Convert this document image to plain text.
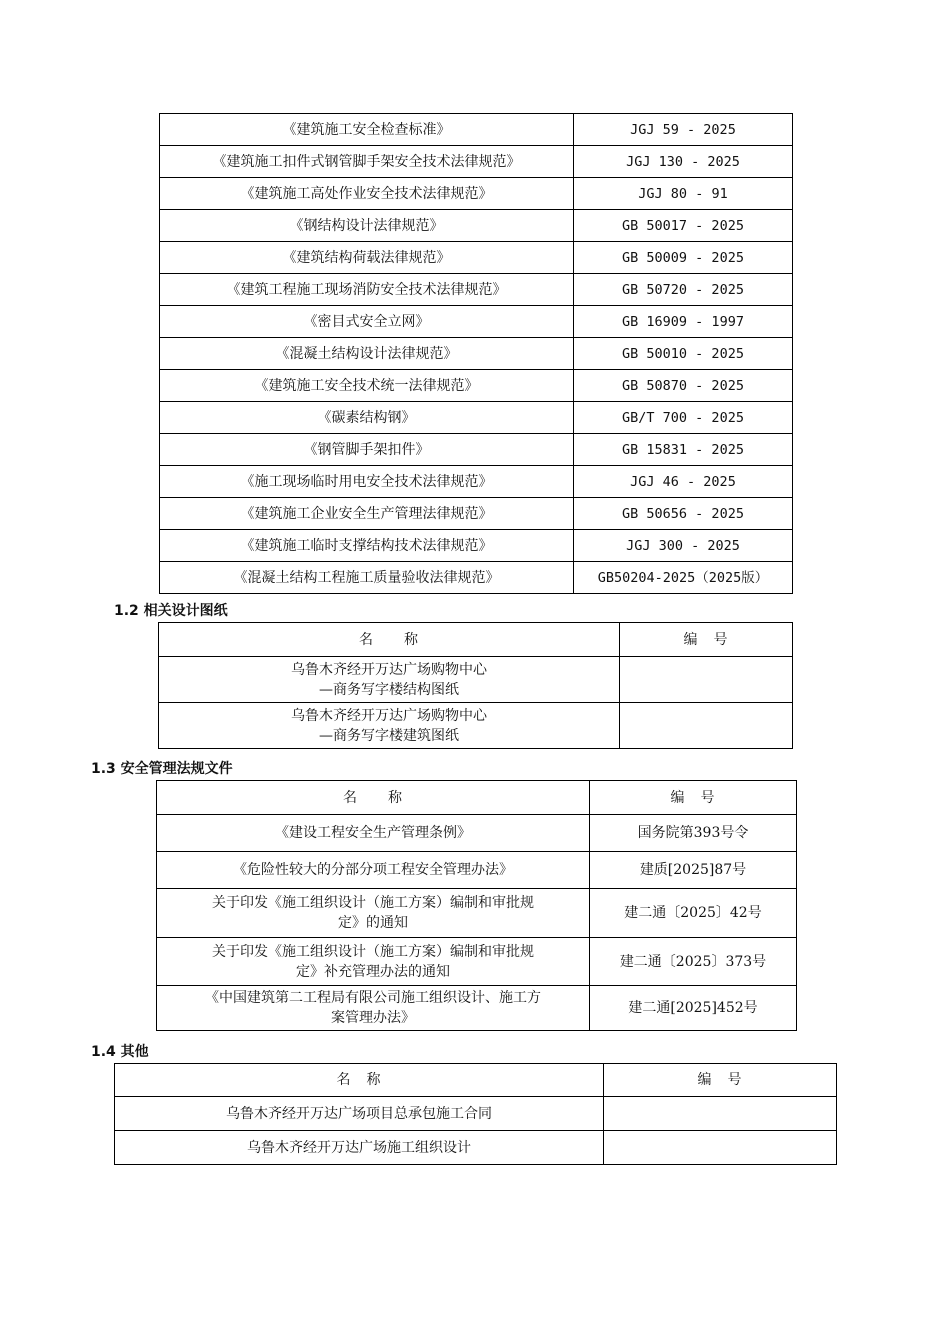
《建筑施工安全检查标准》	JGJ 59 - 2025
《建筑施工扣件式钢管脚手架安全技术法律规范》	JGJ 130 - 2025
《建筑施工高处作业安全技术法律规范》	JGJ 80 - 91
《钢结构设计法律规范》	GB 50017 - 2025
《建筑结构荷载法律规范》	GB 50009 - 2025
《建筑工程施工现场消防安全技术法律规范》	GB 50720 - 2025
《密目式安全立网》	GB 16909 - 1997
《混凝土结构设计法律规范》	GB 50010 - 2025
《建筑施工安全技术统一法律规范》	GB 50870 - 2025
《碳素结构钢》	GB/T 700 - 2025
《钢管脚手架扣件》	GB 15831 - 2025
《施工现场临时用电安全技术法律规范》	JGJ 46 - 2025
《建筑施工企业安全生产管理法律规范》	GB 50656 - 2025
《建筑施工临时支撑结构技术法律规范》	JGJ 300 - 2025
《混凝土结构工程施工质量验收法律规范》	GB50204-2025（2025版）
1.2 相关设计图纸
名　　称	编　号

乌鲁木齐经开万达广场购物中心
—商务写字楼结构图纸	

乌鲁木齐经开万达广场购物中心
—商务写字楼建筑图纸	

1.3 安全管理法规文件
名　　称	编　号

《建设工程安全生产管理条例》	国务院第393号令

《危险性较大的分部分项工程安全管理办法》	建质[2025]87号

关于印发《施工组织设计（施工方案）编制和审批规
定》的通知	建二通〔2025〕42号

关于印发《施工组织设计（施工方案）编制和审批规
定》补充管理办法的通知	建二通〔2025〕373号

《中国建筑第二工程局有限公司施工组织设计、施工方
案管理办法》	建二通[2025]452号
1.4 其他
名　称	编　号
乌鲁木齐经开万达广场项目总承包施工合同	
乌鲁木齐经开万达广场施工组织设计	
